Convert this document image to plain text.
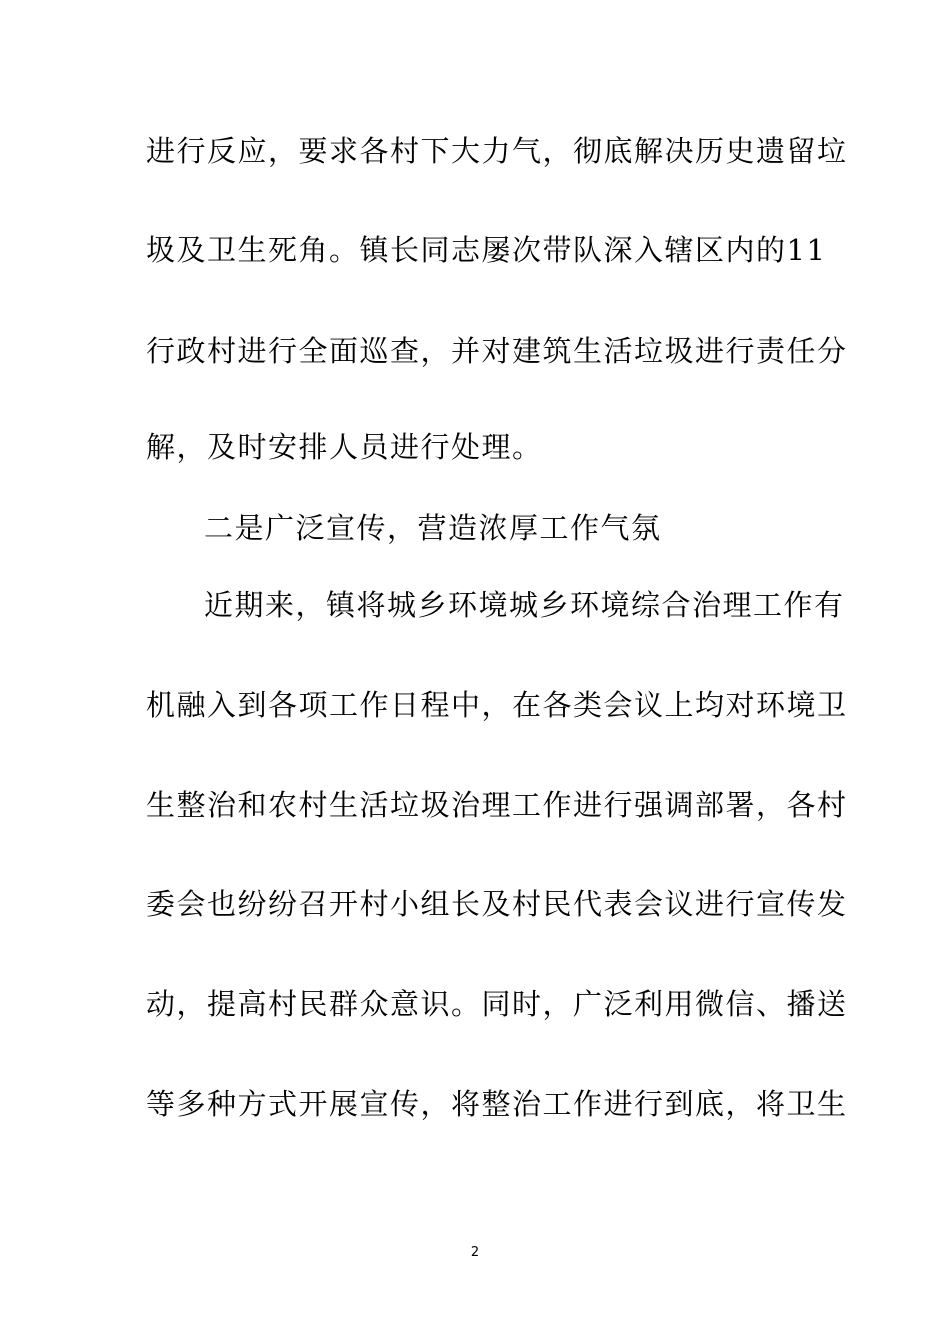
进行反应，要求各村下大力气，彻底解决历史遗留垃
圾及卫生死角。镇长同志屡次带队深入辖区内的11
行政村进行全面巡查，并对建筑生活垃圾进行责任分
解，及时安排人员进行处理。
二是广泛宣传，营造浓厚工作气氛
近期来，镇将城乡环境城乡环境综合治理工作有
机融入到各项工作日程中，在各类会议上均对环境卫
生整治和农村生活垃圾治理工作进行强调部署，各村
委会也纷纷召开村小组长及村民代表会议进行宣传发
动，提高村民群众意识。同时，广泛利用微信、播送
等多种方式开展宣传，将整治工作进行到底，将卫生
2
